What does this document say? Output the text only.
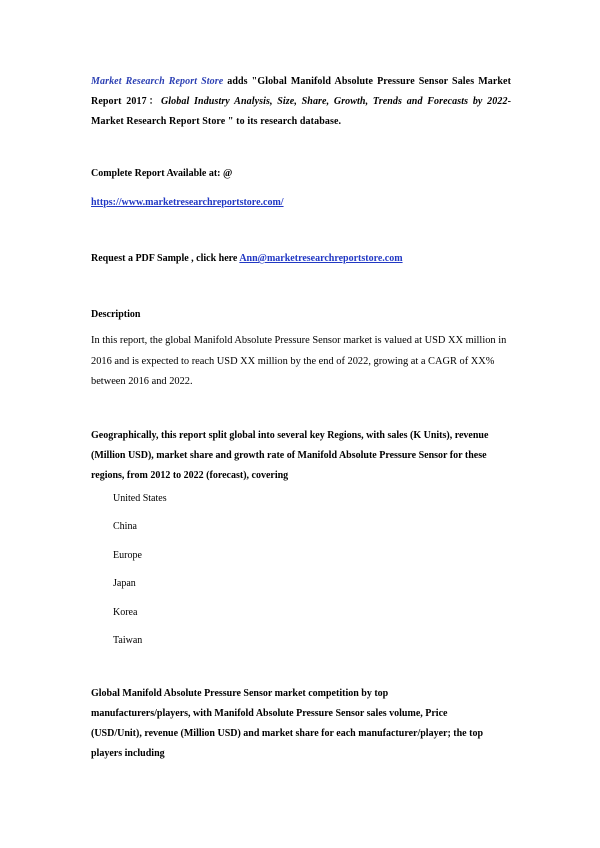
Market Research Report Store adds "Global Manifold Absolute Pressure Sensor Sales Market Report 2017：Global Industry Analysis, Size, Share, Growth, Trends and Forecasts by 2022-Market Research Report Store " to its research database.

Complete Report Available at: @
https://www.marketresearchreportstore.com/
Request a PDF Sample , click here Ann@marketresearchreportstore.com
Description

In this report, the global Manifold Absolute Pressure Sensor market is valued at USD XX million in 2016 and is expected to reach USD XX million by the end of 2022, growing at a CAGR of XX% between 2016 and 2022.

Geographically, this report split global into several key Regions, with sales (K Units), revenue (Million USD), market share and growth rate of Manifold Absolute Pressure Sensor for these regions, from 2012 to 2022 (forecast), covering

United States
China
Europe
Japan
Korea
Taiwan
Global Manifold Absolute Pressure Sensor market competition by top
manufacturers/players, with Manifold Absolute Pressure Sensor sales volume, Price
(USD/Unit), revenue (Million USD) and market share for each manufacturer/player; the top
players including
